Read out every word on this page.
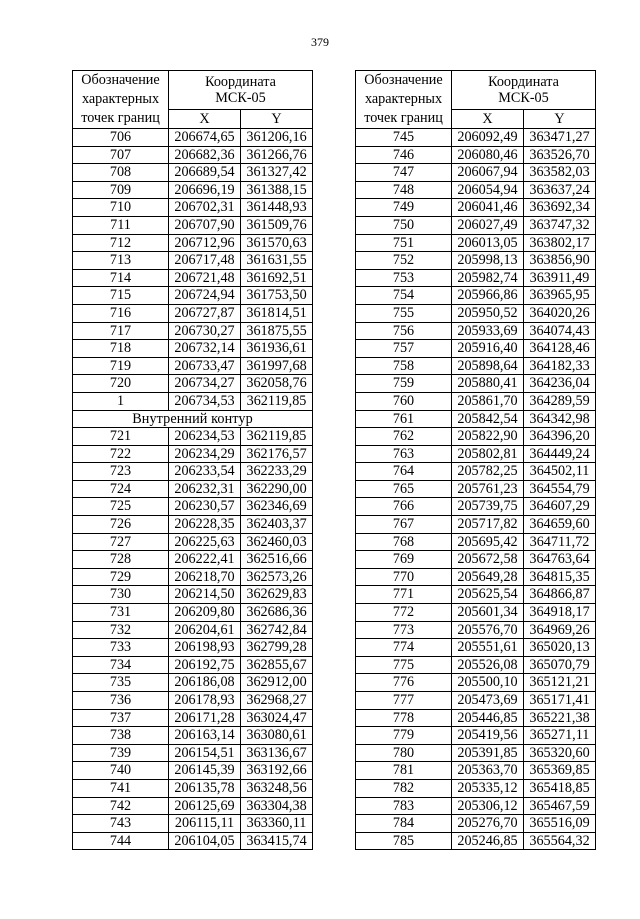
379
Обозначение
характерных
точек границ	Координата
МСК-05	
	X	Y
706	206674,65	361206,16
707	206682,36	361266,76
708	206689,54	361327,42
709	206696,19	361388,15
710	206702,31	361448,93
711	206707,90	361509,76
712	206712,96	361570,63
713	206717,48	361631,55
714	206721,48	361692,51
715	206724,94	361753,50
716	206727,87	361814,51
717	206730,27	361875,55
718	206732,14	361936,61
719	206733,47	361997,68
720	206734,27	362058,76
1	206734,53	362119,85
Внутренний контур		
721	206234,53	362119,85
722	206234,29	362176,57
723	206233,54	362233,29
724	206232,31	362290,00
725	206230,57	362346,69
726	206228,35	362403,37
727	206225,63	362460,03
728	206222,41	362516,66
729	206218,70	362573,26
730	206214,50	362629,83
731	206209,80	362686,36
732	206204,61	362742,84
733	206198,93	362799,28
734	206192,75	362855,67
735	206186,08	362912,00
736	206178,93	362968,27
737	206171,28	363024,47
738	206163,14	363080,61
739	206154,51	363136,67
740	206145,39	363192,66
741	206135,78	363248,56
742	206125,69	363304,38
743	206115,11	363360,11
744	206104,05	363415,74
Обозначение
характерных
точек границ	Координата
МСК-05	
	X	Y
745	206092,49	363471,27
746	206080,46	363526,70
747	206067,94	363582,03
748	206054,94	363637,24
749	206041,46	363692,34
750	206027,49	363747,32
751	206013,05	363802,17
752	205998,13	363856,90
753	205982,74	363911,49
754	205966,86	363965,95
755	205950,52	364020,26
756	205933,69	364074,43
757	205916,40	364128,46
758	205898,64	364182,33
759	205880,41	364236,04
760	205861,70	364289,59
761	205842,54	364342,98
762	205822,90	364396,20
763	205802,81	364449,24
764	205782,25	364502,11
765	205761,23	364554,79
766	205739,75	364607,29
767	205717,82	364659,60
768	205695,42	364711,72
769	205672,58	364763,64
770	205649,28	364815,35
771	205625,54	364866,87
772	205601,34	364918,17
773	205576,70	364969,26
774	205551,61	365020,13
775	205526,08	365070,79
776	205500,10	365121,21
777	205473,69	365171,41
778	205446,85	365221,38
779	205419,56	365271,11
780	205391,85	365320,60
781	205363,70	365369,85
782	205335,12	365418,85
783	205306,12	365467,59
784	205276,70	365516,09
785	205246,85	365564,32
